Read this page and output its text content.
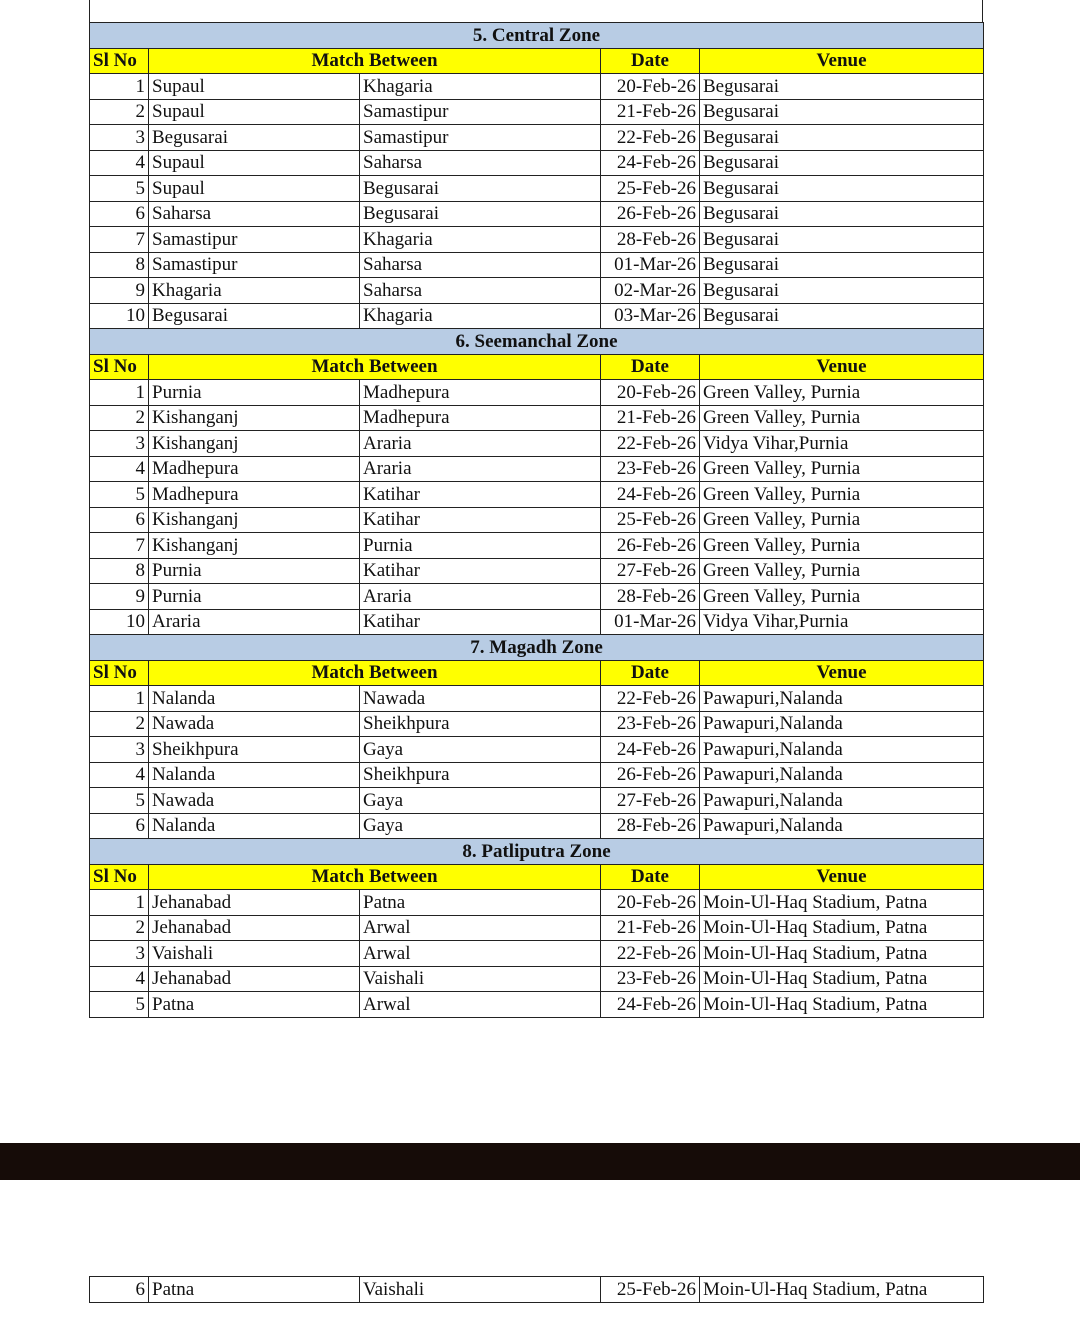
5. Central Zone				
Sl No	Match Between		Date	Venue
1	Supaul	Khagaria	20-Feb-26	Begusarai
2	Supaul	Samastipur	21-Feb-26	Begusarai
3	Begusarai	Samastipur	22-Feb-26	Begusarai
4	Supaul	Saharsa	24-Feb-26	Begusarai
5	Supaul	Begusarai	25-Feb-26	Begusarai
6	Saharsa	Begusarai	26-Feb-26	Begusarai
7	Samastipur	Khagaria	28-Feb-26	Begusarai
8	Samastipur	Saharsa	01-Mar-26	Begusarai
9	Khagaria	Saharsa	02-Mar-26	Begusarai
10	Begusarai	Khagaria	03-Mar-26	Begusarai
6. Seemanchal Zone				
Sl No	Match Between		Date	Venue
1	Purnia	Madhepura	20-Feb-26	Green Valley, Purnia
2	Kishanganj	Madhepura	21-Feb-26	Green Valley, Purnia
3	Kishanganj	Araria	22-Feb-26	Vidya Vihar,Purnia
4	Madhepura	Araria	23-Feb-26	Green Valley, Purnia
5	Madhepura	Katihar	24-Feb-26	Green Valley, Purnia
6	Kishanganj	Katihar	25-Feb-26	Green Valley, Purnia
7	Kishanganj	Purnia	26-Feb-26	Green Valley, Purnia
8	Purnia	Katihar	27-Feb-26	Green Valley, Purnia
9	Purnia	Araria	28-Feb-26	Green Valley, Purnia
10	Araria	Katihar	01-Mar-26	Vidya Vihar,Purnia
7. Magadh Zone				
Sl No	Match Between		Date	Venue
1	Nalanda	Nawada	22-Feb-26	Pawapuri,Nalanda
2	Nawada	Sheikhpura	23-Feb-26	Pawapuri,Nalanda
3	Sheikhpura	Gaya	24-Feb-26	Pawapuri,Nalanda
4	Nalanda	Sheikhpura	26-Feb-26	Pawapuri,Nalanda
5	Nawada	Gaya	27-Feb-26	Pawapuri,Nalanda
6	Nalanda	Gaya	28-Feb-26	Pawapuri,Nalanda
8. Patliputra Zone				
Sl No	Match Between		Date	Venue
1	Jehanabad	Patna	20-Feb-26	Moin-Ul-Haq Stadium, Patna
2	Jehanabad	Arwal	21-Feb-26	Moin-Ul-Haq Stadium, Patna
3	Vaishali	Arwal	22-Feb-26	Moin-Ul-Haq Stadium, Patna
4	Jehanabad	Vaishali	23-Feb-26	Moin-Ul-Haq Stadium, Patna
5	Patna	Arwal	24-Feb-26	Moin-Ul-Haq Stadium, Patna
6	Patna	Vaishali	25-Feb-26	Moin-Ul-Haq Stadium, Patna
